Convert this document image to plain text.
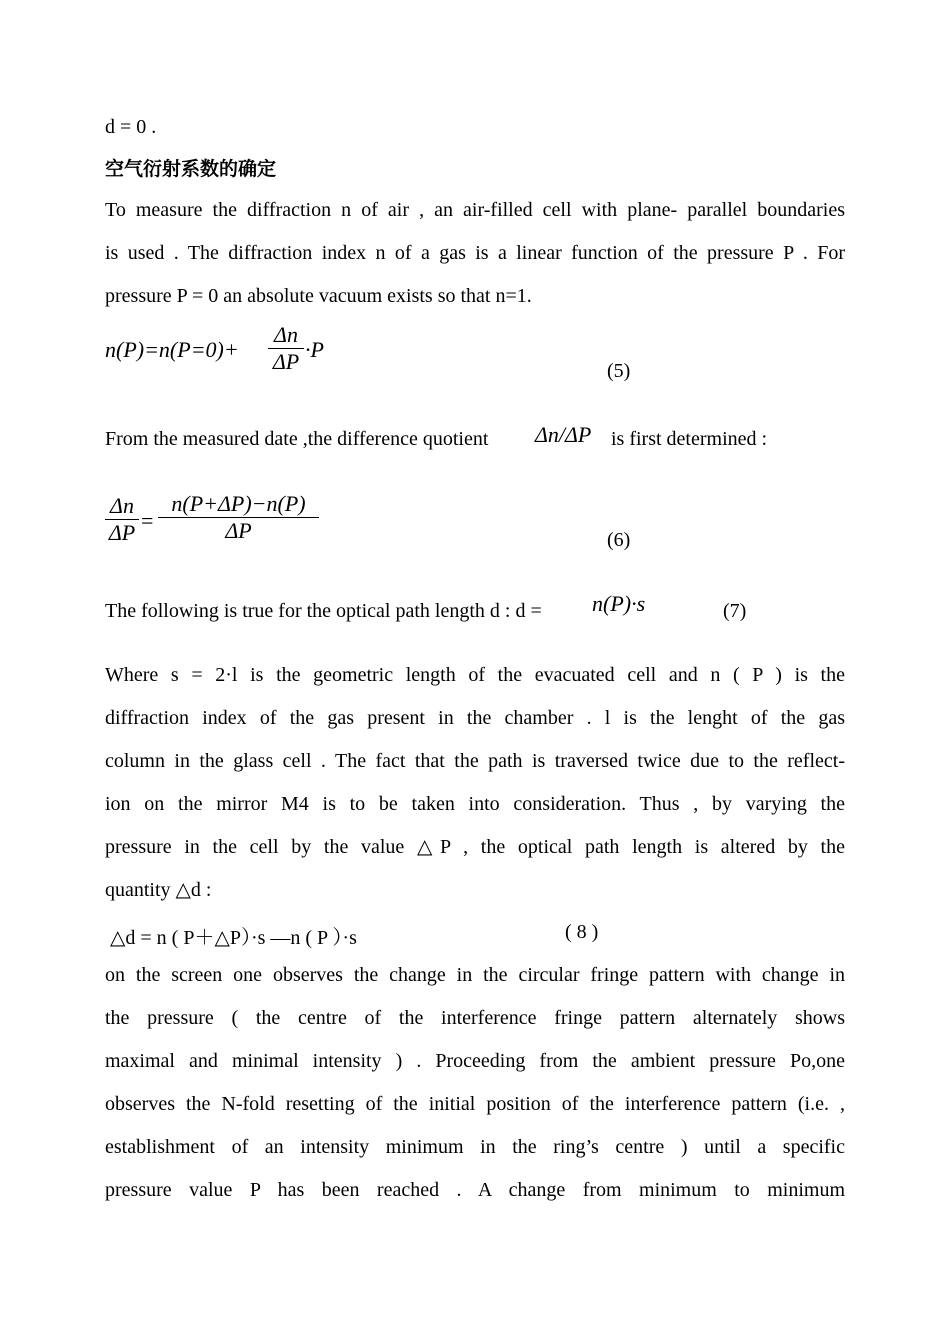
d = 0 .
空气衍射系数的确定
To measure the diffraction n of air , an air-filled cell with plane- parallel boundaries
is used . The diffraction index n of a gas is a linear function of the pressure P . For
pressure P = 0 an absolute vacuum exists so that n=1.
n(P)=n(P=0)+
Δn
ΔP ·P
(5)
From the measured date ,the difference quotient Δn/ΔP is first determined :
Δn
ΔP =
n(P+ΔP)−n(P)
ΔP	(6)
The following is true for the optical path length d : d = n(P)·s	(7)
Where s = 2·l is the geometric length of the evacuated cell and n ( P ) is the
diffraction index of the gas present in the chamber . l is the lenght of the gas
column in the glass cell . The fact that the path is traversed twice due to the reflect-
ion on the mirror M4 is to be taken into consideration. Thus , by varying the
pressure in the cell by the value △P , the optical path length is altered by the
quantity △d :
△d = n ( P＋△P）·s —n ( P ）·s	( 8 )
on the screen one observes the change in the circular fringe pattern with change in
the pressure ( the centre of the interference fringe pattern alternately shows
maximal and minimal intensity ) . Proceeding from the ambient pressure Po,one
observes the N-fold resetting of the initial position of the interference pattern (i.e. ,
establishment of an intensity minimum in the ring’s centre ) until a specific
pressure value P has been reached . A change from minimum to minimum
